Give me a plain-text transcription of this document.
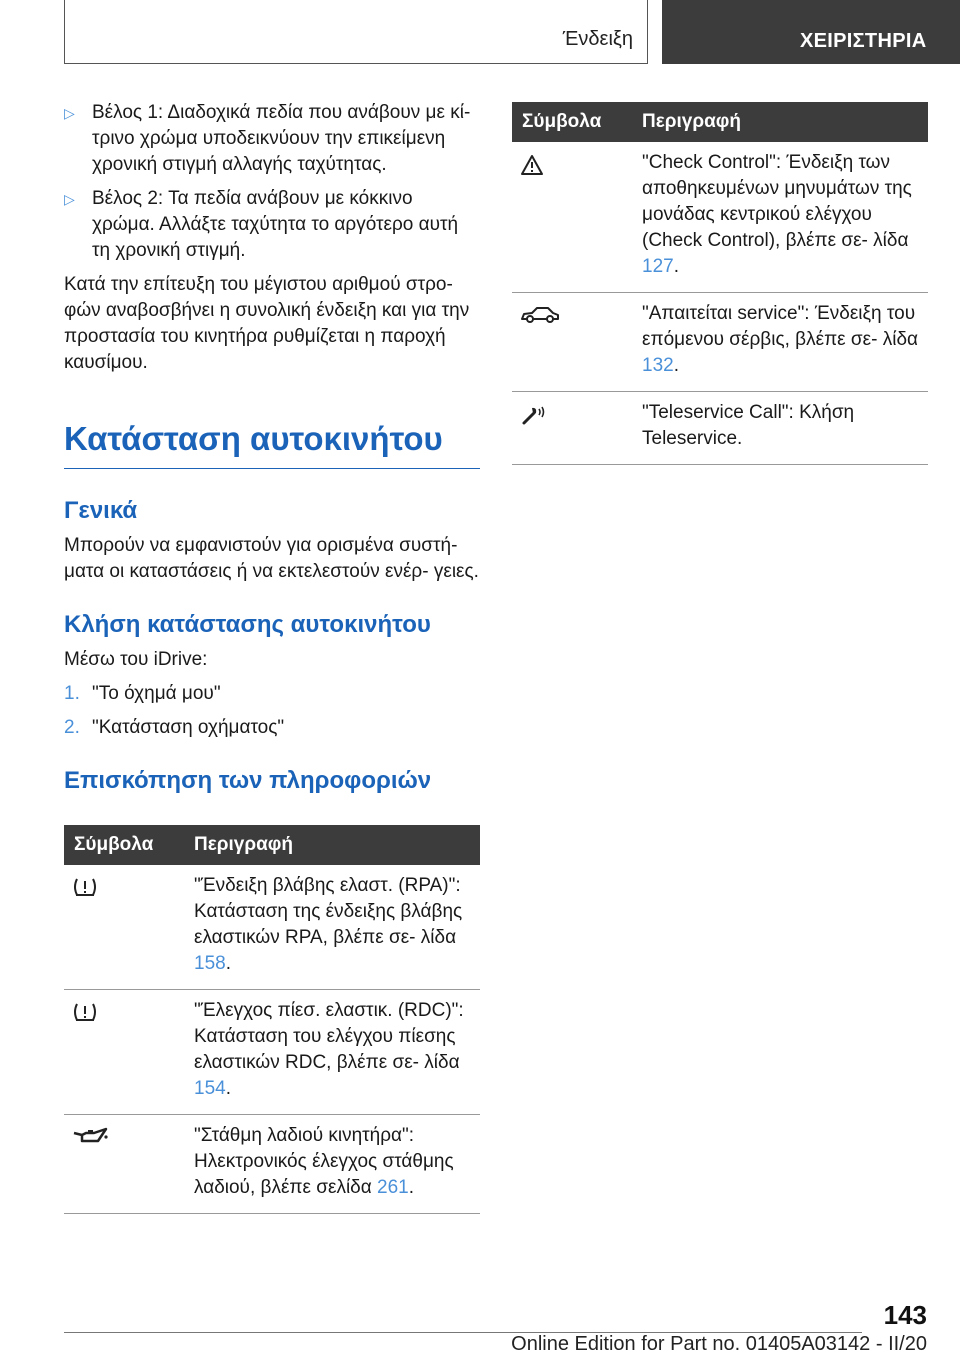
Ένδειξη	ΧΕΙΡΙΣΤΗΡΙΑ
▷ Βέλος 1: Διαδοχικά πεδία που ανάβουν με κί‐ τρινο χρώμα υποδεικνύουν την επικείμενη χρονική στιγμή αλλαγής ταχύτητας.
▷ Βέλος 2: Τα πεδία ανάβουν με κόκκινο χρώμα. Αλλάξτε ταχύτητα το αργότερο αυτή τη χρονική στιγμή.

Κατά την επίτευξη του μέγιστου αριθμού στρο‐ φών αναβοσβήνει η συνολική ένδειξη και για την προστασία του κινητήρα ρυθμίζεται η παροχή καυσίμου.

Κατάσταση αυτοκινήτου
Γενικά

Μπορούν να εμφανιστούν για ορισμένα συστή‐ ματα οι καταστάσεις ή να εκτελεστούν ενέρ‐ γειες.

Κλήση κατάστασης αυτοκινήτου

Μέσω του iDrive:

1. "Το όχημά μου"
2. "Κατάσταση οχήματος"
Επισκόπηση των πληροφοριών
Σύμβολα	Περιγραφή

	"Ένδειξη βλάβης ελαστ. (RPA)": Κατάσταση της ένδειξης βλάβης ελαστικών RPA, βλέπε σε‐ λίδα 158.

	"Έλεγχος πίεσ. ελαστικ. (RDC)": Κατάσταση του ελέγχου πίεσης ελαστικών RDC, βλέπε σε‐ λίδα 154.

	"Στάθμη λαδιού κινητήρα": Ηλεκτρονικός έλεγχος στάθμης λαδιού, βλέπε σελίδα 261.
Σύμβολα	Περιγραφή

	"Check Control": Ένδειξη των αποθηκευμένων μηνυμάτων της μονάδας κεντρικού ελέγχου (Check Control), βλέπε σε‐ λίδα 127.

	"Απαιτείται service": Ένδειξη του επόμενου σέρβις, βλέπε σε‐ λίδα 132.

	"Teleservice Call": Κλήση Teleservice.
143
Online Edition for Part no. 01405A03142 - II/20
